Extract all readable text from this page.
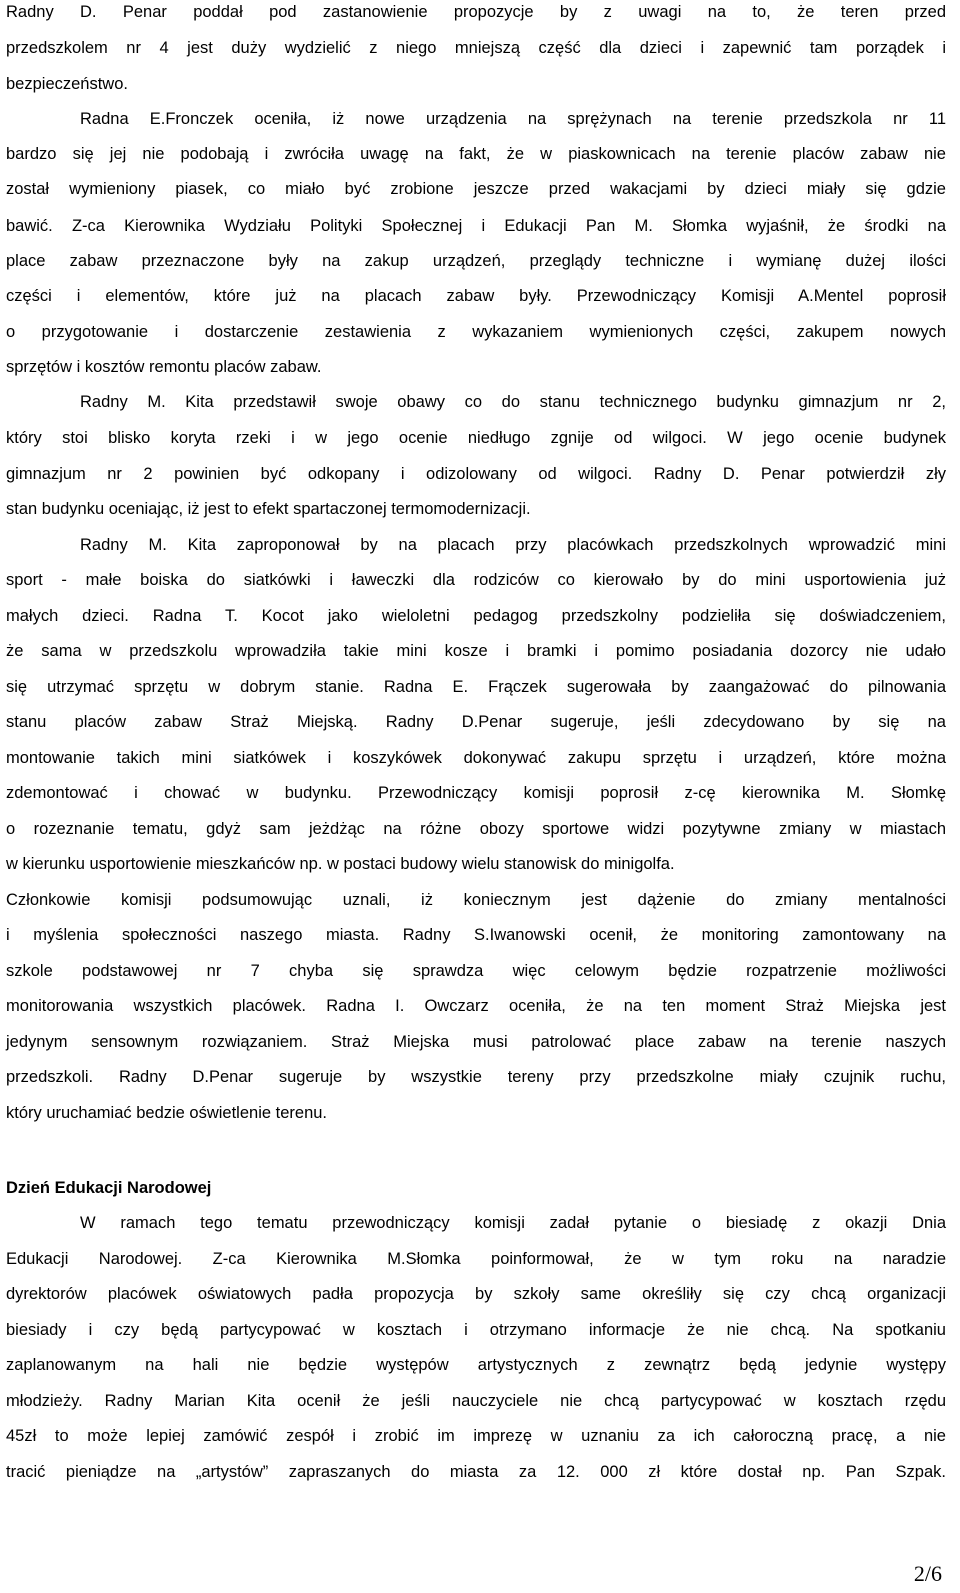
Radny D. Penar poddał pod zastanowienie propozycje by z uwagi na to, że teren przed
przedszkolem nr 4 jest duży wydzielić z niego mniejszą część dla dzieci i zapewnić tam porządek i
bezpieczeństwo.
Radna E.Fronczek oceniła, iż nowe urządzenia na sprężynach na terenie przedszkola nr 11
bardzo się jej nie podobają i zwróciła uwagę na fakt, że w piaskownicach na terenie placów zabaw nie
został wymieniony piasek, co miało być zrobione jeszcze przed wakacjami by dzieci miały się gdzie
bawić. Z-ca Kierownika Wydziału Polityki Społecznej i Edukacji Pan M. Słomka wyjaśnił, że środki na
place zabaw przeznaczone były na zakup urządzeń, przeglądy techniczne i wymianę dużej ilości
części i elementów, które już na placach zabaw były. Przewodniczący Komisji A.Mentel poprosił
o przygotowanie i dostarczenie zestawienia z wykazaniem wymienionych części, zakupem nowych
sprzętów i kosztów remontu placów zabaw.
Radny M. Kita przedstawił swoje obawy co do stanu technicznego budynku gimnazjum nr 2,
który stoi blisko koryta rzeki i w jego ocenie niedługo zgnije od wilgoci. W jego ocenie budynek
gimnazjum nr 2 powinien być odkopany i odizolowany od wilgoci. Radny D. Penar potwierdził zły
stan budynku oceniając, iż jest to efekt spartaczonej termomodernizacji.
Radny M. Kita zaproponował by na placach przy placówkach przedszkolnych wprowadzić mini
sport - małe boiska do siatkówki i ławeczki dla rodziców co kierowało by do mini usportowienia już
małych dzieci. Radna T. Kocot jako wieloletni pedagog przedszkolny podzieliła się doświadczeniem,
że sama w przedszkolu wprowadziła takie mini kosze i bramki i pomimo posiadania dozorcy nie udało
się utrzymać sprzętu w dobrym stanie. Radna E. Frączek sugerowała by zaangażować do pilnowania
stanu placów zabaw Straż Miejską. Radny D.Penar sugeruje, jeśli zdecydowano by się na
montowanie takich mini siatkówek i koszykówek dokonywać zakupu sprzętu i urządzeń, które można
zdemontować i chować w budynku. Przewodniczący komisji poprosił z-cę kierownika M. Słomkę
o rozeznanie tematu, gdyż sam jeżdżąc na różne obozy sportowe widzi pozytywne zmiany w miastach
w kierunku usportowienie mieszkańców np. w postaci budowy wielu stanowisk do minigolfa.
Członkowie komisji podsumowując uznali, iż koniecznym jest dążenie do zmiany mentalności
i myślenia społeczności naszego miasta. Radny S.Iwanowski ocenił, że monitoring zamontowany na
szkole podstawowej nr 7 chyba się sprawdza więc celowym będzie rozpatrzenie możliwości
monitorowania wszystkich placówek. Radna I. Owczarz oceniła, że na ten moment Straż Miejska jest
jedynym sensownym rozwiązaniem. Straż Miejska musi patrolować place zabaw na terenie naszych
przedszkoli. Radny D.Penar sugeruje by wszystkie tereny przy przedszkolne miały czujnik ruchu,
który uruchamiać bedzie oświetlenie terenu.
Dzień Edukacji Narodowej
W ramach tego tematu przewodniczący komisji zadał pytanie o biesiadę z okazji Dnia
Edukacji Narodowej. Z-ca Kierownika M.Słomka poinformował, że w tym roku na naradzie
dyrektorów placówek oświatowych padła propozycja by szkoły same określiły się czy chcą organizacji
biesiady i czy będą partycypować w kosztach i otrzymano informacje że nie chcą. Na spotkaniu
zaplanowanym na hali nie będzie występów artystycznych z zewnątrz będą jedynie występy
młodzieży. Radny Marian Kita ocenił że jeśli nauczyciele nie chcą partycypować w kosztach rzędu
45zł to może lepiej zamówić zespół i zrobić im imprezę w uznaniu za ich całoroczną pracę, a nie
tracić pieniądze na „artystów” zapraszanych do miasta za 12. 000 zł które dostał np. Pan Szpak.
2/6
